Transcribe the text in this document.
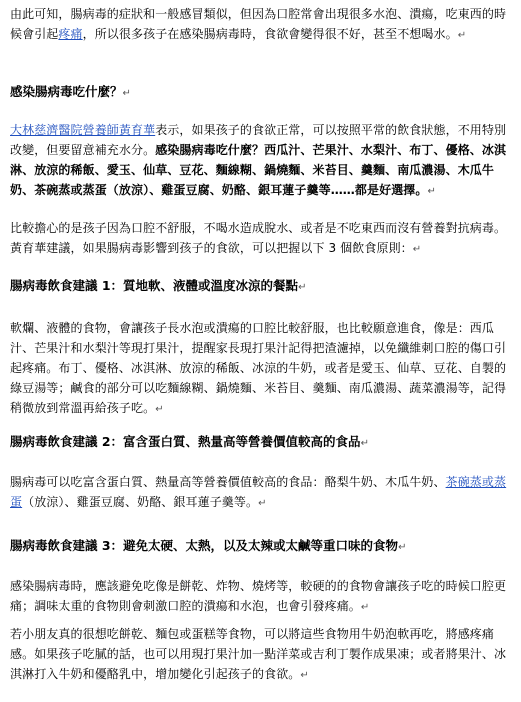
由此可知，腸病毒的症狀和一般感冒類似，但因為口腔常會出現很多水泡、潰瘍，吃東西的時候會引起疼痛，所以很多孩子在感染腸病毒時，食欲會變得很不好，甚至不想喝水。↵
感染腸病毒吃什麼？↵
大林慈濟醫院營養師黃育華表示，如果孩子的食欲正常，可以按照平常的飲食狀態，不用特別改變，但要留意補充水分。感染腸病毒吃什麼？西瓜汁、芒果汁、水梨汁、布丁、優格、冰淇淋、放涼的稀飯、愛玉、仙草、豆花、麵線糊、鍋燒麵、米苔目、羹麵、南瓜濃湯、木瓜牛奶、茶碗蒸或蒸蛋（放涼）、雞蛋豆腐、奶酪、銀耳蓮子羹等……都是好選擇。↵
比較擔心的是孩子因為口腔不舒服，不喝水造成脫水、或者是不吃東西而沒有營養對抗病毒。黃育華建議，如果腸病毒影響到孩子的食欲，可以把握以下 3 個飲食原則：↵
腸病毒飲食建議 1：質地軟、液體或溫度冰涼的餐點↵
軟爛、液體的食物，會讓孩子長水泡或潰瘍的口腔比較舒服，也比較願意進食，像是：西瓜汁、芒果汁和水梨汁等現打果汁，提醒家長現打果汁記得把渣濾掉，以免纖維刺口腔的傷口引起疼痛。布丁、優格、冰淇淋、放涼的稀飯、冰涼的牛奶，或者是愛玉、仙草、豆花、自製的綠豆湯等；鹹食的部分可以吃麵線糊、鍋燒麵、米苔目、羹麵、南瓜濃湯、蔬菜濃湯等，記得稍微放到常溫再給孩子吃。↵
腸病毒飲食建議 2：富含蛋白質、熱量高等營養價值較高的食品↵
腸病毒可以吃富含蛋白質、熱量高等營養價值較高的食品：酪梨牛奶、木瓜牛奶、茶碗蒸或蒸蛋（放涼）、雞蛋豆腐、奶酪、銀耳蓮子羹等。↵
腸病毒飲食建議 3：避免太硬、太熱，以及太辣或太鹹等重口味的食物↵
感染腸病毒時，應該避免吃像是餅乾、炸物、燒烤等，較硬的的食物會讓孩子吃的時候口腔更痛；調味太重的食物則會刺激口腔的潰瘍和水泡，也會引發疼痛。↵
若小朋友真的很想吃餅乾、麵包或蛋糕等食物，可以將這些食物用牛奶泡軟再吃，將感疼痛感。如果孩子吃膩的話，也可以用現打果汁加一點洋菜或吉利丁製作成果凍；或者將果汁、冰淇淋打入牛奶和優酪乳中，增加變化引起孩子的食欲。↵
